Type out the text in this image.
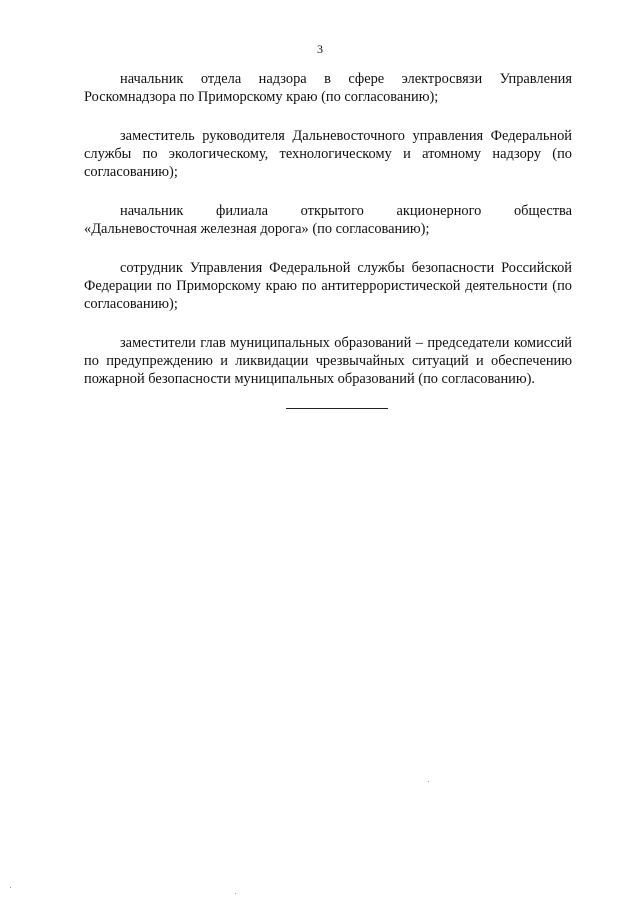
3

начальник отдела надзора в сфере электросвязи Управления Роскомнадзора по Приморскому краю (по согласованию);

заместитель руководителя Дальневосточного управления Федеральной службы по экологическому, технологическому и атомному надзору (по согласованию);

начальник филиала открытого акционерного общества «Дальневосточная железная дорога» (по согласованию);

сотрудник Управления Федеральной службы безопасности Российской Федерации по Приморскому краю по антитеррористической деятельности (по согласованию);

заместители глав муниципальных образований – председатели комиссий по предупреждению и ликвидации чрезвычайных ситуаций и обеспечению пожарной безопасности муниципальных образований (по согласованию).
